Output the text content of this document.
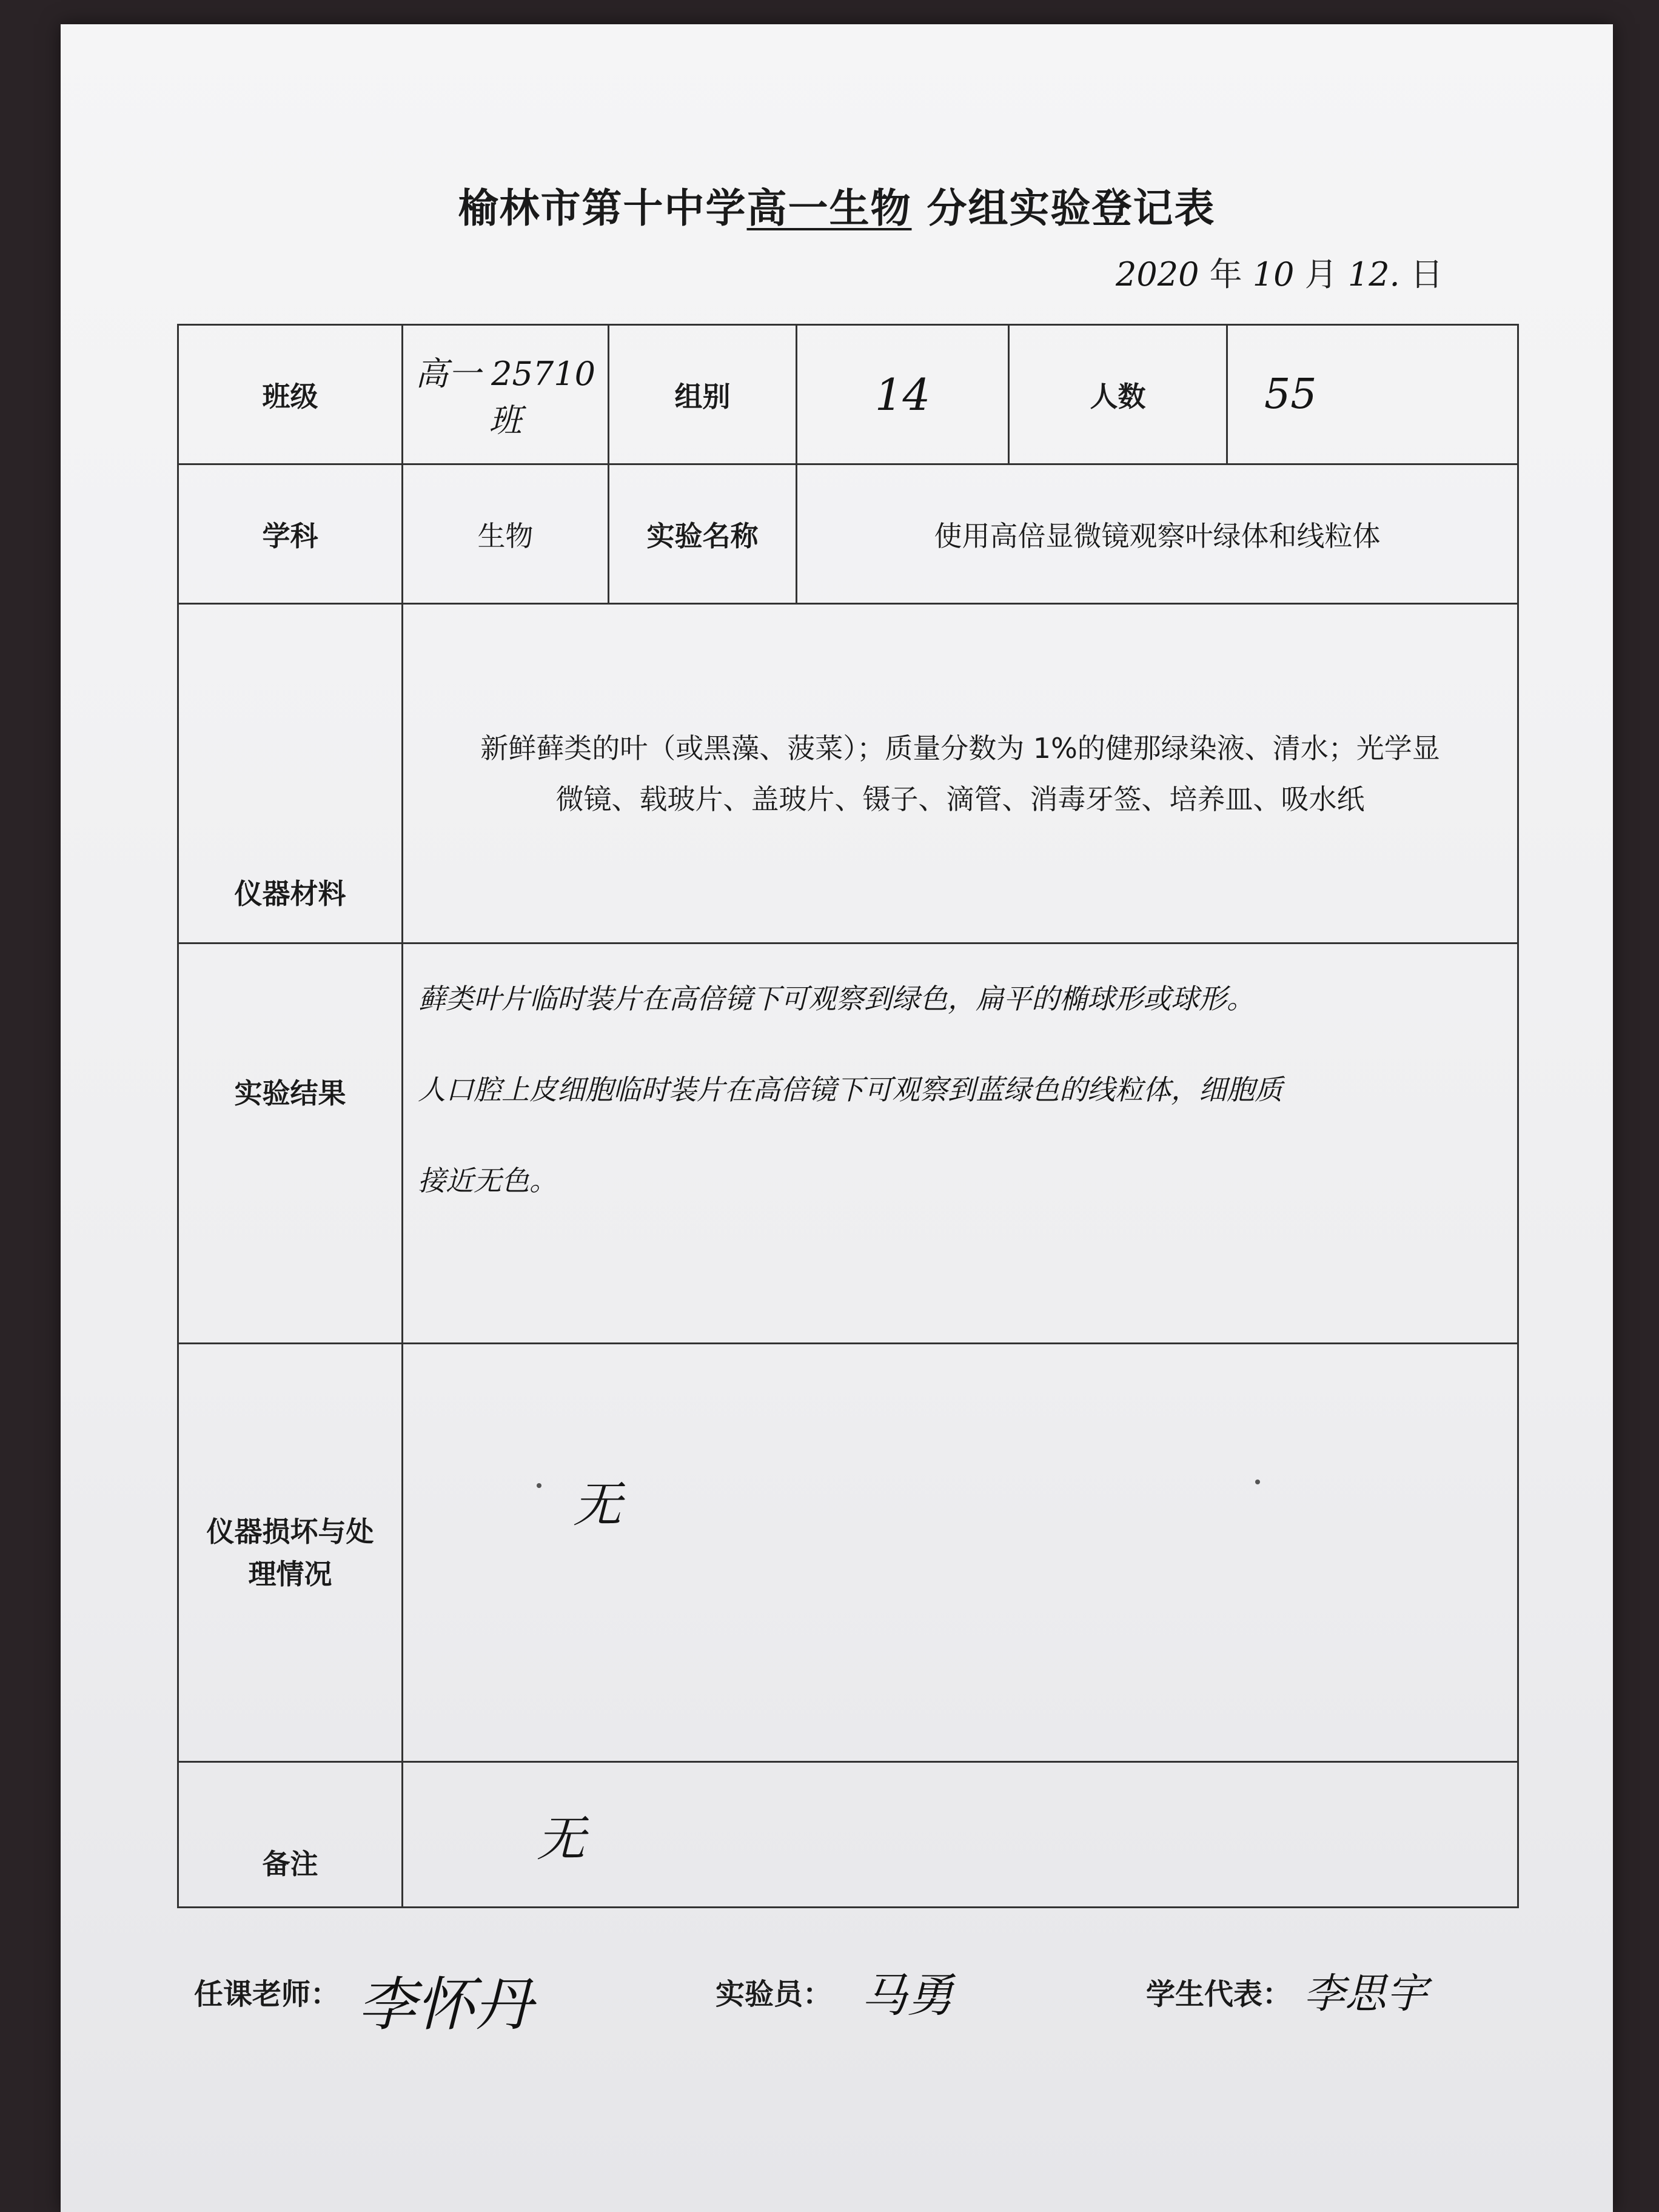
榆林市第十中学高一生物 分组实验登记表
2020 年 10 月 12. 日
班级	高一 25710班	组别	14	人数	55
学科	生物	实验名称	使用高倍显微镜观察叶绿体和线粒体		
仪器材料	新鲜藓类的叶（或黑藻、菠菜）；质量分数为 1%的健那绿染液、清水；光学显
微镜、载玻片、盖玻片、镊子、滴管、消毒牙签、培养皿、吸水纸				

实验结果	藓类叶片临时装片在高倍镜下可观察到绿色，扁平的椭球形或球形。

人口腔上皮细胞临时装片在高倍镜下可观察到蓝绿色的线粒体，细胞质

接近无色。				

仪器损坏与处
理情况	无				
备注	无				
任课老师： 李怀丹	实验员： 马勇	学生代表： 李思宇
